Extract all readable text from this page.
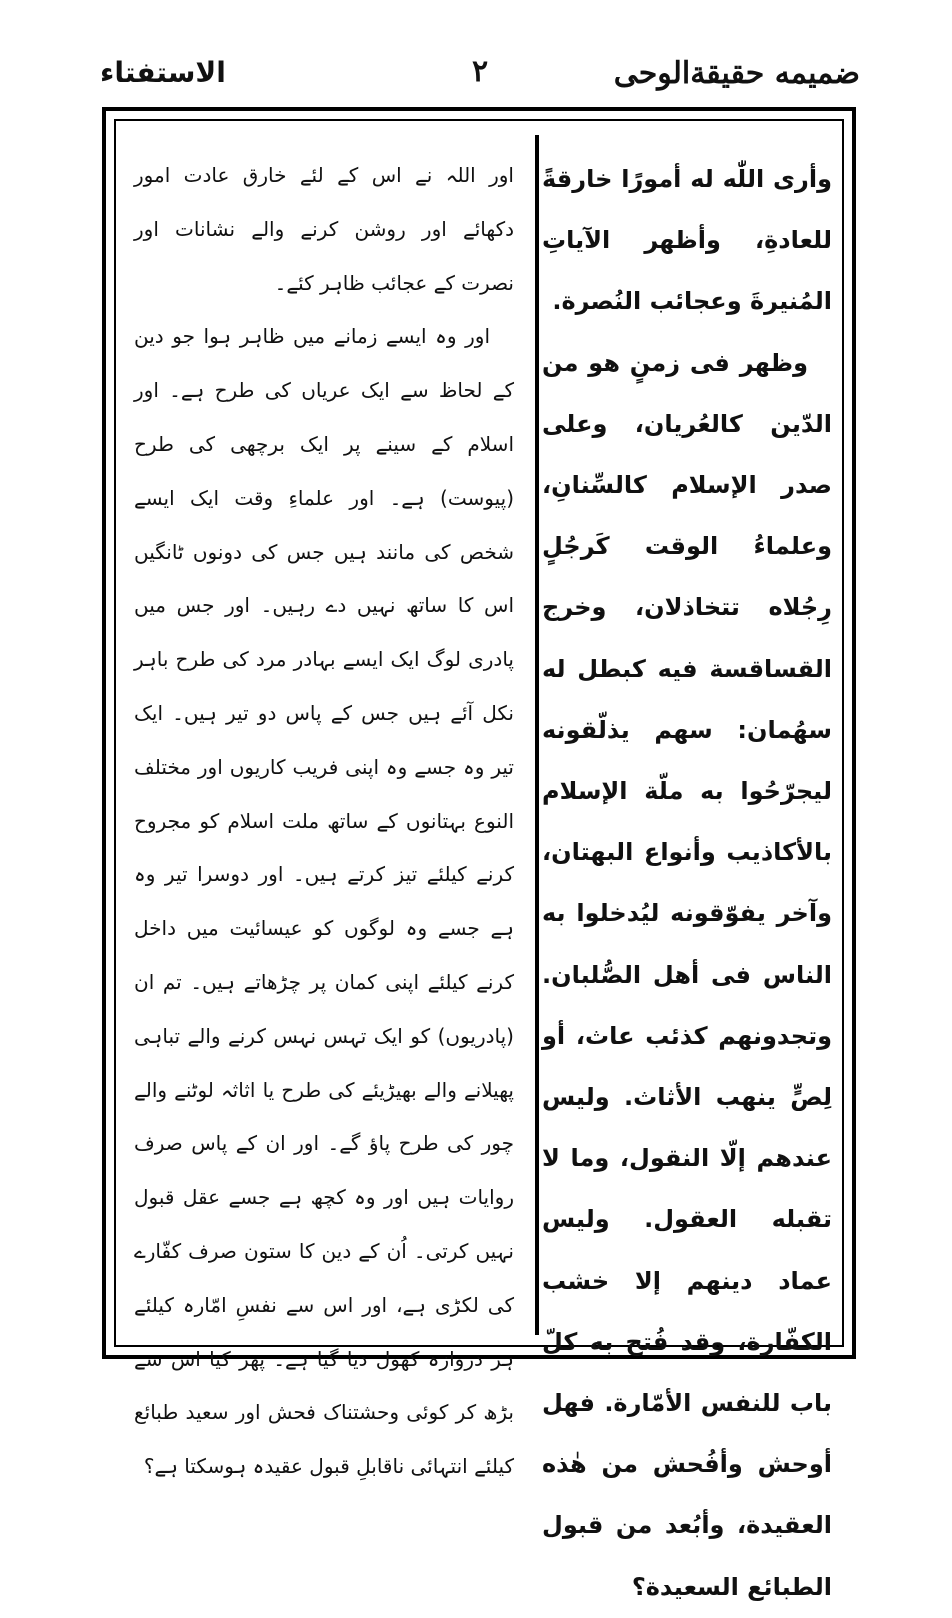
ضميمه حقيقةالوحى
۲
الاستفتاء

وأرى اللّٰه له أمورًا خارقةً للعادةِ، وأظهر الآياتِ المُنيرةَ وعجائب النُصرة.

وظهر فى زمنٍ هو من الدّين كالعُريان، وعلى صدر الإسلام كالسِّنانِ، وعلماءُ الوقت كَرجُلٍ رِجُلاه تتخاذلان، وخرج القساقسة فيه كبطل له سهُمان: سهم يذلّقونه ليجرّحُوا به ملّة الإسلام بالأكاذيب وأنواع البهتان، وآخر يفوّقونه ليُدخلوا به الناس فى أهل الصُّلبان. وتجدونهم كذئب عاث، أو لِصٍّ ينهب الأثاث. وليس عندهم إلّا النقول، وما لا تقبله العقول. وليس عماد دينهم إلا خشب الكفّارة، وقد فُتح به كلّ باب للنفس الأمّارة. فهل أوحش وأفُحش من هٰذه العقيدة، وأبُعد من قبول الطبائع السعيدة؟

اور اللہ نے اس کے لئے خارق عادت امور دکھائے اور روشن کرنے والے نشانات اور نصرت کے عجائب ظاہر کئے۔

اور وہ ایسے زمانے میں ظاہر ہوا جو دین کے لحاظ سے ایک عریاں کی طرح ہے۔ اور اسلام کے سینے پر ایک برچھی کی طرح (پیوست) ہے۔ اور علماءِ وقت ایک ایسے شخص کی مانند ہیں جس کی دونوں ٹانگیں اس کا ساتھ نہیں دے رہیں۔ اور جس میں پادری لوگ ایک ایسے بہادر مرد کی طرح باہر نکل آئے ہیں جس کے پاس دو تیر ہیں۔ ایک تیر وہ جسے وہ اپنی فریب کاریوں اور مختلف النوع بہتانوں کے ساتھ ملت اسلام کو مجروح کرنے کیلئے تیز کرتے ہیں۔ اور دوسرا تیر وہ ہے جسے وہ لوگوں کو عیسائیت میں داخل کرنے کیلئے اپنی کمان پر چڑھاتے ہیں۔ تم ان (پادریوں) کو ایک تہس نہس کرنے والے تباہی پھیلانے والے بھیڑیئے کی طرح یا اثاثہ لوٹنے والے چور کی طرح پاؤ گے۔ اور ان کے پاس صرف روایات ہیں اور وہ کچھ ہے جسے عقل قبول نہیں کرتی۔ اُن کے دین کا ستون صرف کفّارے کی لکڑی ہے، اور اس سے نفسِ امّارہ کیلئے ہر دروازہ کھول دیا گیا ہے۔ پھر کیا اس سے بڑھ کر کوئی وحشتناک فحش اور سعید طبائع کیلئے انتہائی ناقابلِ قبول عقیدہ ہوسکتا ہے؟
